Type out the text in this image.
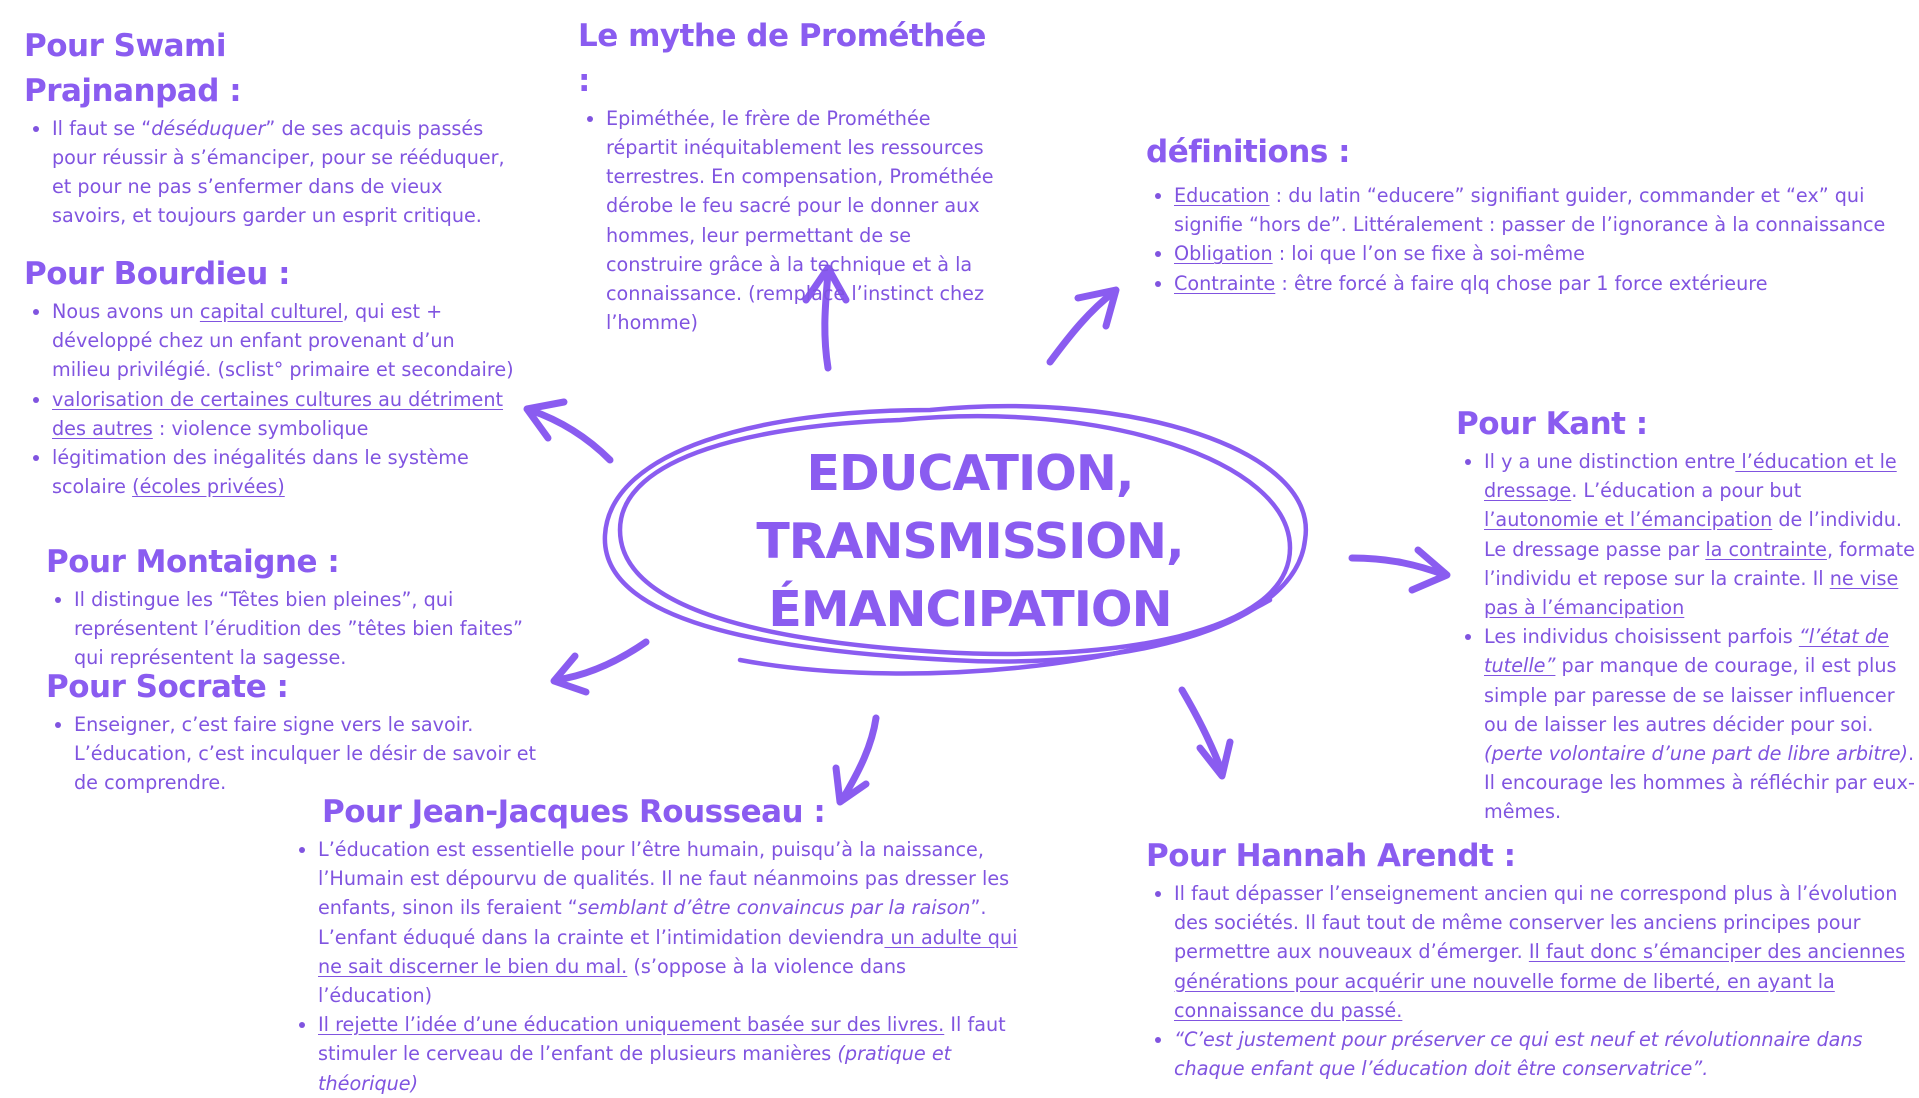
EDUCATION,
TRANSMISSION,
ÉMANCIPATION
Pour Swami
Prajnanpad :
• Il faut se “déséduquer” de ses acquis passés pour réussir à s’émanciper, pour se rééduquer, et pour ne pas s’enfermer dans de vieux savoirs, et toujours garder un esprit critique.
Pour Bourdieu :
• Nous avons un capital culturel, qui est + développé chez un enfant provenant d’un milieu privilégié. (sclist° primaire et secondaire)
• valorisation de certaines cultures au détriment des autres : violence symbolique
• légitimation des inégalités dans le système scolaire (écoles privées)
Pour Montaigne :
• Il distingue les “Têtes bien pleines”, qui représentent l’érudition des ”têtes bien faites” qui représentent la sagesse.
Pour Socrate :
• Enseigner, c’est faire signe vers le savoir. L’éducation, c’est inculquer le désir de savoir et de comprendre.
Le mythe de Prométhée :
• Epiméthée, le frère de Prométhée répartit inéquitablement les ressources terrestres. En compensation, Prométhée dérobe le feu sacré pour le donner aux hommes, leur permettant de se construire grâce à la technique et à la connaissance. (remplace l’instinct chez l’homme)
définitions :
• Education : du latin “educere” signifiant guider, commander et “ex” qui signifie “hors de”. Littéralement : passer de l’ignorance à la connaissance
• Obligation : loi que l’on se fixe à soi-même
• Contrainte : être forcé à faire qlq chose par 1 force extérieure
Pour Kant :
• Il y a une distinction entre l’éducation et le dressage. L’éducation a pour but l’autonomie et l’émancipation de l’individu. Le dressage passe par la contrainte, formate l’individu et repose sur la crainte. Il ne vise pas à l’émancipation
• Les individus choisissent parfois “l’état de tutelle” par manque de courage, il est plus simple par paresse de se laisser influencer ou de laisser les autres décider pour soi. (perte volontaire d’une part de libre arbitre). Il encourage les hommes à réfléchir par eux-mêmes.
Pour Jean-Jacques Rousseau :
• L’éducation est essentielle pour l’être humain, puisqu’à la naissance, l’Humain est dépourvu de qualités. Il ne faut néanmoins pas dresser les enfants, sinon ils feraient “semblant d’être convaincus par la raison”. L’enfant éduqué dans la crainte et l’intimidation deviendra un adulte qui ne sait discerner le bien du mal. (s’oppose à la violence dans l’éducation)
• Il rejette l’idée d’une éducation uniquement basée sur des livres. Il faut stimuler le cerveau de l’enfant de plusieurs manières (pratique et théorique)
Pour Hannah Arendt :
• Il faut dépasser l’enseignement ancien qui ne correspond plus à l’évolution des sociétés. Il faut tout de même conserver les anciens principes pour permettre aux nouveaux d’émerger. Il faut donc s’émanciper des anciennes générations pour acquérir une nouvelle forme de liberté, en ayant la connaissance du passé.
• “C’est justement pour préserver ce qui est neuf et révolutionnaire dans chaque enfant que l’éducation doit être conservatrice”.
